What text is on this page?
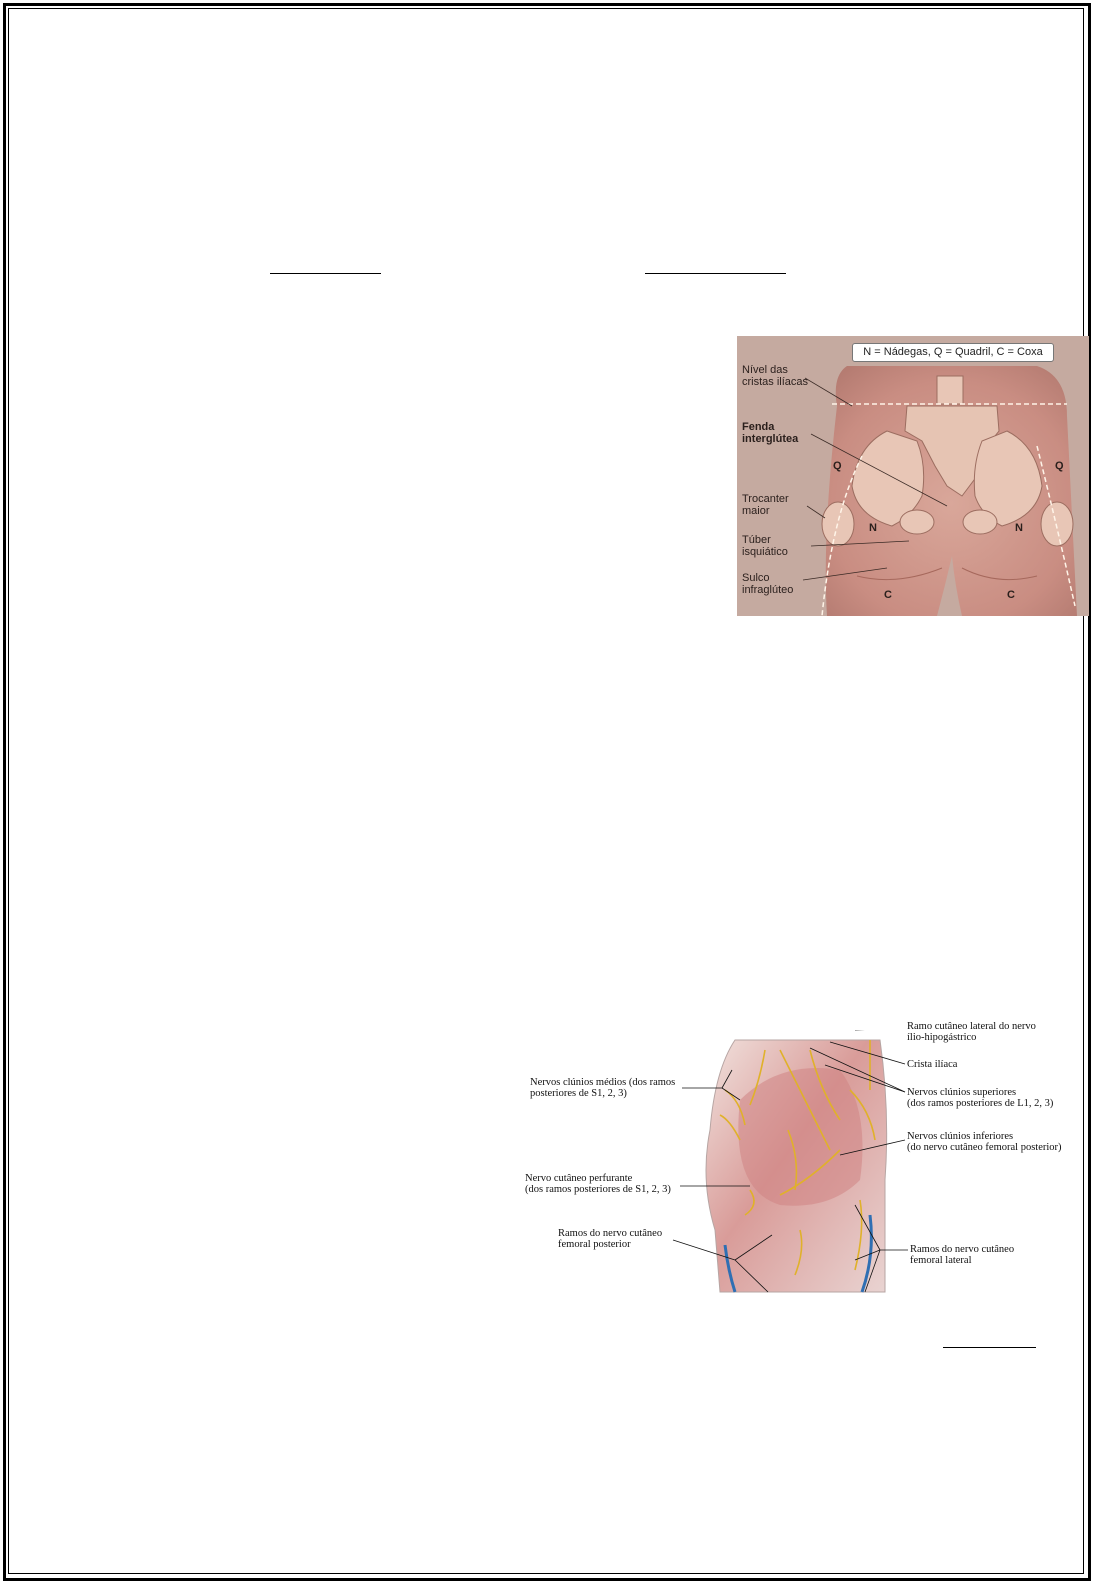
N = Nádegas, Q = Quadril, C = Coxa
Nível das
cristas ilíacas
Fenda
interglútea
Trocanter
maior
Túber
isquiático
Sulco
infraglúteo
Q	Q
N	N
C	C
Ramo cutâneo lateral do nervo
ílio-hipogástrico
Crista ilíaca
Nervos clúnios superiores
(dos ramos posteriores de L1, 2, 3)
Nervos clúnios médios (dos ramos
posteriores de S1, 2, 3)
Nervos clúnios inferiores
(do nervo cutâneo femoral posterior)
Nervo cutâneo perfurante
(dos ramos posteriores de S1, 2, 3)
Ramos do nervo cutâneo
femoral posterior	Ramos do nervo cutâneo
femoral lateral
